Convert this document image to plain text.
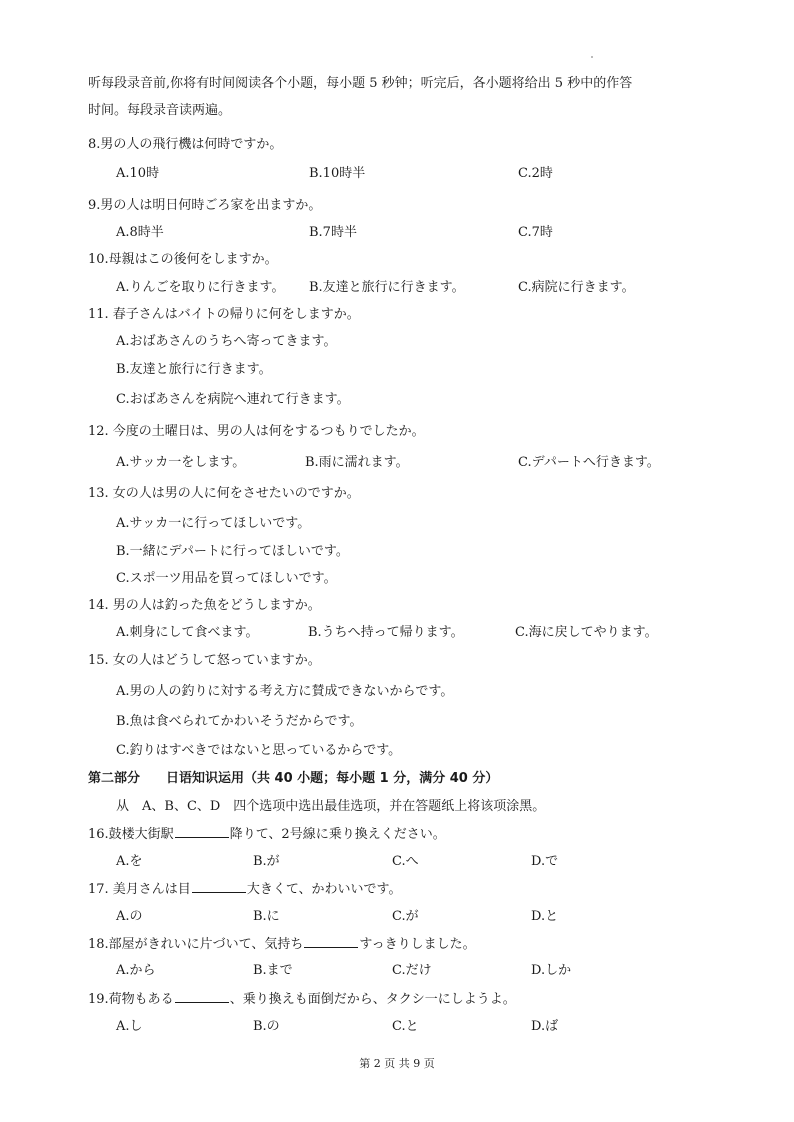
听每段录音前,你将有时间阅读各个小题，每小题 5 秒钟；听完后，各小题将给出 5 秒中的作答
时间。每段录音读两遍。
8.男の人の飛行機は何時ですか。
A.10時	B.10時半	C.2時
9.男の人は明日何時ごろ家を出ますか。
A.8時半	B.7時半	C.7時
10.母親はこの後何をしますか。
A.りんごを取りに行きます。 B.友達と旅行に行きます。	C.病院に行きます。
11. 春子さんはバイトの帰りに何をしますか。
A.おばあさんのうちへ寄ってきます。
B.友達と旅行に行きます。
C.おばあさんを病院へ連れて行きます。
12. 今度の土曜日は、男の人は何をするつもりでしたか。
A.サッカ一をします。	B.雨に濡れます。	C.デパートへ行きます。
13. 女の人は男の人に何をさせたいのですか。
A.サッカ一に行ってほしいです。
B.一緒にデパートに行ってほしいです。
C.スポ一ツ用品を買ってほしいです。
14. 男の人は釣った魚をどうしますか。
A.刺身にして食べます。	B.うちへ持って帰ります。	C.海に戻してやります。
15. 女の人はどうして怒っていますか。
A.男の人の釣りに対する考え方に賛成できないからです。
B.魚は食べられてかわいそうだからです。
C.釣りはすべきではないと思っているからです。
第二部分　　日语知识运用（共 40 小题；每小题 1 分，满分 40 分）
从　A、B、C、D　四个选项中选出最佳选项，并在答题纸上将该项涂黑。
16.鼓楼大街駅	降りて、2号線に乗り換えください。
A.を	B.が	C.へ	D.で
17. 美月さんは目	大きくて、かわいいです。
A.の	B.に	C.が	D.と
18.部屋がきれいに片づいて、気持ち	すっきりしました。
A.から	B.まで	C.だけ	D.しか
19.荷物もある	、乗り換えも面倒だから、タクシ一にしようよ。
A.し	B.の	C.と	D.ば
第 2 页 共 9 页
